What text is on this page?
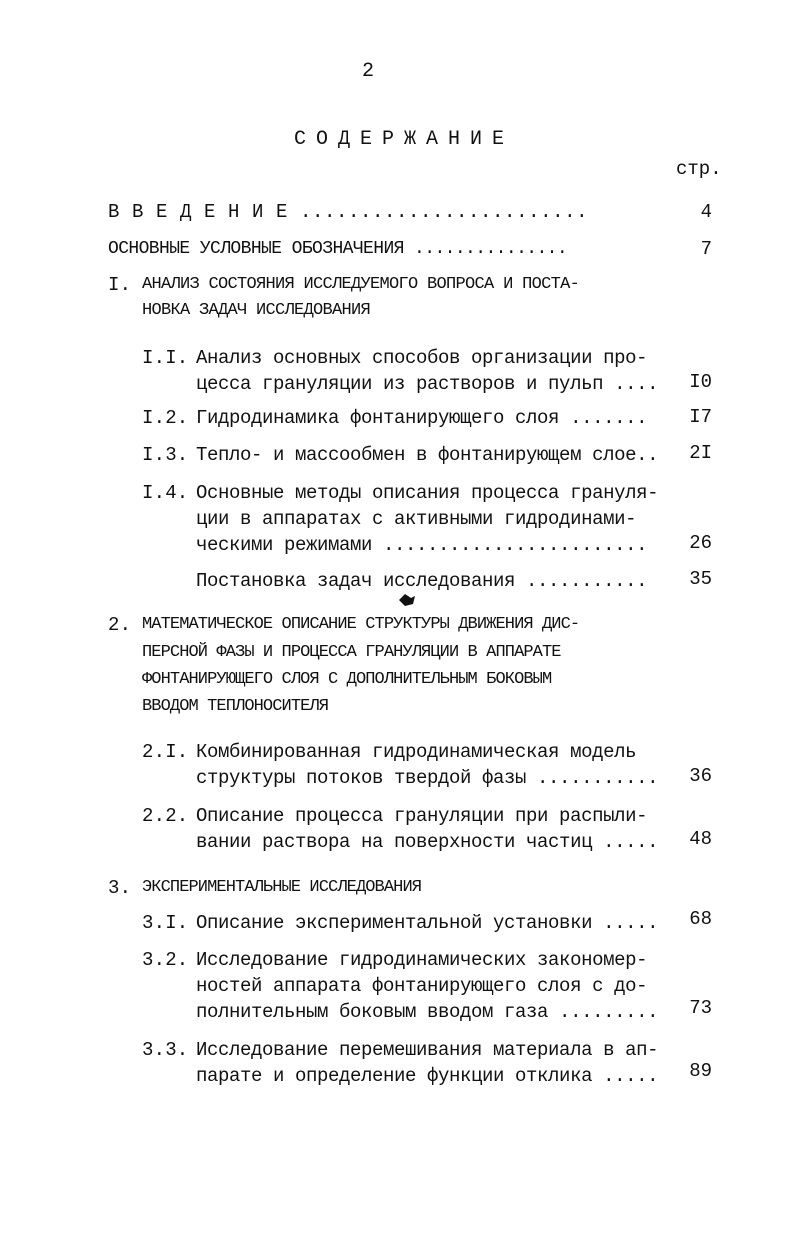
2
СОДЕРЖАНИЕ
стр.
В В Е Д Е Н И Е ........................	4
ОСНОВНЫЕ УСЛОВНЫЕ ОБОЗНАЧЕНИЯ ...............	7
I. АНАЛИЗ СОСТОЯНИЯ ИССЛЕДУЕМОГО ВОПРОСА И ПОСТА-
НОВКА ЗАДАЧ ИССЛЕДОВАНИЯ
I.I. Анализ основных способов организации про-
цесса грануляции из растворов и пульп ....	I0
I.2. Гидродинамика фонтанирующего слоя .......	I7
I.3. Тепло- и массообмен в фонтанирующем слое..	2I
I.4. Основные методы описания процесса грануля-
ции в аппаратах с активными гидродинами-
ческими режимами ........................	26
Постановка задач исследования ...........	35
2. МАТЕМАТИЧЕСКОЕ ОПИСАНИЕ СТРУКТУРЫ ДВИЖЕНИЯ ДИС-
ПЕРСНОЙ ФАЗЫ И ПРОЦЕССА ГРАНУЛЯЦИИ В АППАРАТЕ
ФОНТАНИРУЮЩЕГО СЛОЯ С ДОПОЛНИТЕЛЬНЫМ БОКОВЫМ
ВВОДОМ ТЕПЛОНОСИТЕЛЯ
2.I. Комбинированная гидродинамическая модель
структуры потоков твердой фазы ...........	36
2.2. Описание процесса грануляции при распыли-
вании раствора на поверхности частиц .....	48
3. ЭКСПЕРИМЕНТАЛЬНЫЕ ИССЛЕДОВАНИЯ
3.I. Описание экспериментальной установки .....	68
3.2. Исследование гидродинамических закономер-
ностей аппарата фонтанирующего слоя с до-
полнительным боковым вводом газа .........	73
3.3. Исследование перемешивания материала в ап-
парате и определение функции отклика .....	89
